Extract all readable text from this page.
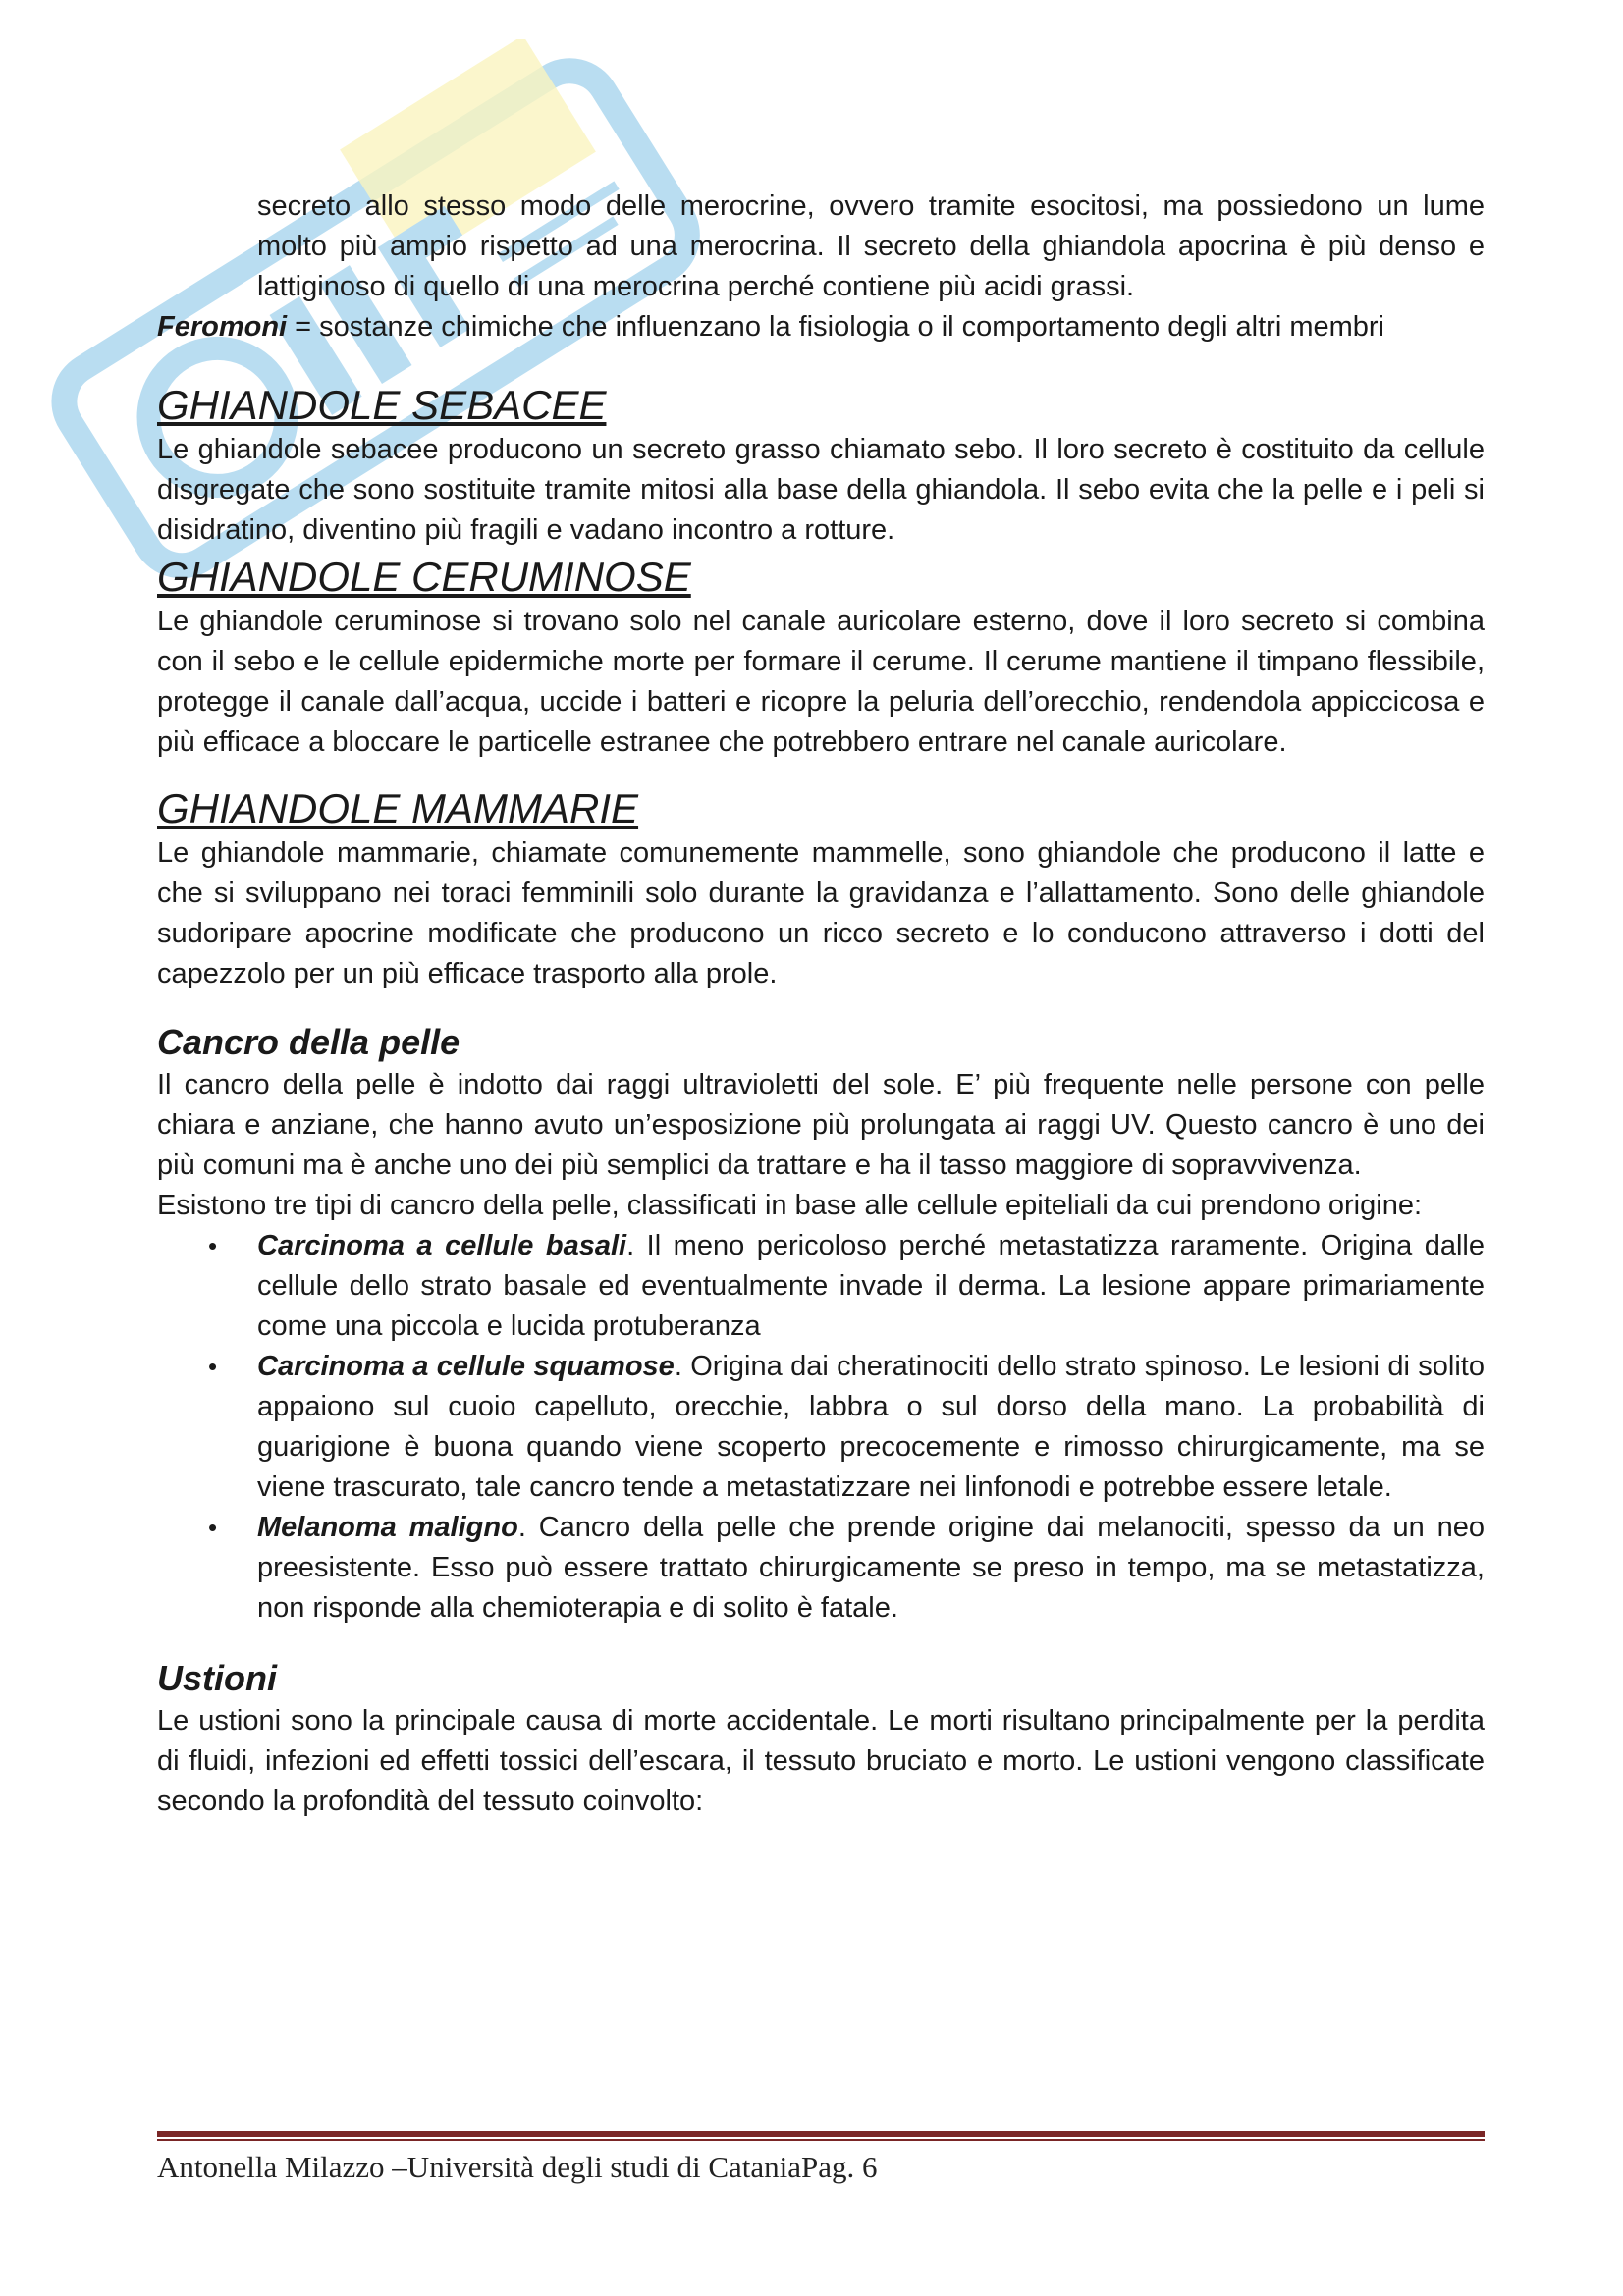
secreto allo stesso modo delle merocrine, ovvero tramite esocitosi, ma possiedono un lume molto più ampio rispetto ad una merocrina. Il secreto della ghiandola apocrina è più denso e lattiginoso di quello di una merocrina perché contiene più acidi grassi.

Feromoni = sostanze chimiche che influenzano la fisiologia o il comportamento degli altri membri

GHIANDOLE SEBACEE

Le ghiandole sebacee producono un secreto grasso chiamato sebo. Il loro secreto è costituito da cellule disgregate che sono sostituite tramite mitosi alla base della ghiandola. Il sebo evita che la pelle e i peli si disidratino, diventino più fragili e vadano incontro a rotture.

GHIANDOLE CERUMINOSE

Le ghiandole ceruminose si trovano solo nel canale auricolare esterno, dove il loro secreto si combina con il sebo e le cellule epidermiche morte per formare il cerume. Il cerume mantiene il timpano flessibile, protegge il canale dall’acqua, uccide i batteri e ricopre la peluria dell’orecchio, rendendola appiccicosa e più efficace a bloccare le particelle estranee che potrebbero entrare nel canale auricolare.

GHIANDOLE MAMMARIE

Le ghiandole mammarie, chiamate comunemente mammelle, sono ghiandole che producono il latte e che si sviluppano nei toraci femminili solo durante la gravidanza e l’allattamento. Sono delle ghiandole sudoripare apocrine modificate che producono un ricco secreto e lo conducono attraverso i dotti del capezzolo per un più efficace trasporto alla prole.

Cancro della pelle

Il cancro della pelle è indotto dai raggi ultravioletti del sole. E’ più frequente nelle persone con pelle chiara e anziane, che hanno avuto un’esposizione più prolungata ai raggi UV. Questo cancro è uno dei più comuni ma è anche uno dei più semplici da trattare e ha il tasso maggiore di sopravvivenza.

Esistono tre tipi di cancro della pelle, classificati in base alle cellule epiteliali da cui prendono origine:

• Carcinoma a cellule basali. Il meno pericoloso perché metastatizza raramente. Origina dalle cellule dello strato basale ed eventualmente invade il derma. La lesione appare primariamente come una piccola e lucida protuberanza
• Carcinoma a cellule squamose. Origina dai cheratinociti dello strato spinoso. Le lesioni di solito appaiono sul cuoio capelluto, orecchie, labbra o sul dorso della mano. La probabilità di guarigione è buona quando viene scoperto precocemente e rimosso chirurgicamente, ma se viene trascurato, tale cancro tende a metastatizzare nei linfonodi e potrebbe essere letale.
• Melanoma maligno. Cancro della pelle che prende origine dai melanociti, spesso da un neo preesistente. Esso può essere trattato chirurgicamente se preso in tempo, ma se metastatizza, non risponde alla chemioterapia e di solito è fatale.
Ustioni

Le ustioni sono la principale causa di morte accidentale. Le morti risultano principalmente per la perdita di fluidi, infezioni ed effetti tossici dell’escara, il tessuto bruciato e morto. Le ustioni vengono classificate secondo la profondità del tessuto coinvolto:

Antonella Milazzo –Università degli studi di CataniaPag. 6
